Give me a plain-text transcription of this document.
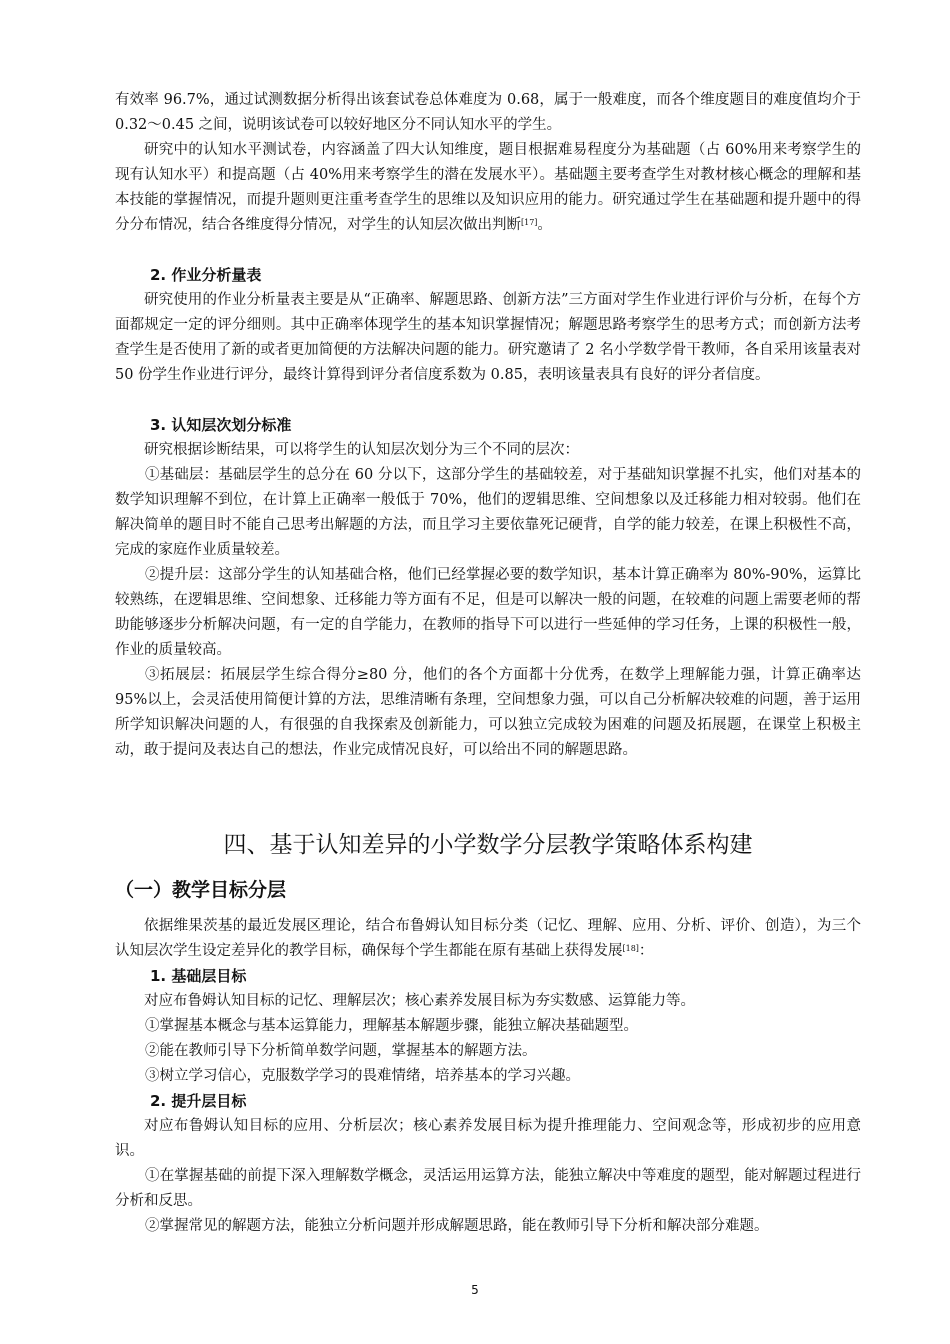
有效率 96.7%，通过试测数据分析得出该套试卷总体难度为 0.68，属于一般难度，而各个维度题目的难度值均介于 0.32～0.45 之间，说明该试卷可以较好地区分不同认知水平的学生。

研究中的认知水平测试卷，内容涵盖了四大认知维度，题目根据难易程度分为基础题（占 60%用来考察学生的现有认知水平）和提高题（占 40%用来考察学生的潜在发展水平）。基础题主要考查学生对教材核心概念的理解和基本技能的掌握情况，而提升题则更注重考查学生的思维以及知识应用的能力。研究通过学生在基础题和提升题中的得分分布情况，结合各维度得分情况，对学生的认知层次做出判断[17]。

2. 作业分析量表

研究使用的作业分析量表主要是从“正确率、解题思路、创新方法”三方面对学生作业进行评价与分析，在每个方面都规定一定的评分细则。其中正确率体现学生的基本知识掌握情况；解题思路考察学生的思考方式；而创新方法考查学生是否使用了新的或者更加简便的方法解决问题的能力。研究邀请了 2 名小学数学骨干教师，各自采用该量表对 50 份学生作业进行评分，最终计算得到评分者信度系数为 0.85，表明该量表具有良好的评分者信度。

3. 认知层次划分标准

研究根据诊断结果，可以将学生的认知层次划分为三个不同的层次：

①基础层：基础层学生的总分在 60 分以下，这部分学生的基础较差，对于基础知识掌握不扎实，他们对基本的数学知识理解不到位，在计算上正确率一般低于 70%，他们的逻辑思维、空间想象以及迁移能力相对较弱。他们在解决简单的题目时不能自己思考出解题的方法，而且学习主要依靠死记硬背，自学的能力较差，在课上积极性不高，完成的家庭作业质量较差。

②提升层：这部分学生的认知基础合格，他们已经掌握必要的数学知识，基本计算正确率为 80%-90%，运算比较熟练，在逻辑思维、空间想象、迁移能力等方面有不足，但是可以解决一般的问题，在较难的问题上需要老师的帮助能够逐步分析解决问题，有一定的自学能力，在教师的指导下可以进行一些延伸的学习任务，上课的积极性一般，作业的质量较高。

③拓展层：拓展层学生综合得分≥80 分，他们的各个方面都十分优秀，在数学上理解能力强，计算正确率达 95%以上，会灵活使用简便计算的方法，思维清晰有条理，空间想象力强，可以自己分析解决较难的问题，善于运用所学知识解决问题的人，有很强的自我探索及创新能力，可以独立完成较为困难的问题及拓展题，在课堂上积极主动，敢于提问及表达自己的想法，作业完成情况良好，可以给出不同的解题思路。

四、基于认知差异的小学数学分层教学策略体系构建
（一）教学目标分层

依据维果茨基的最近发展区理论，结合布鲁姆认知目标分类（记忆、理解、应用、分析、评价、创造），为三个认知层次学生设定差异化的教学目标，确保每个学生都能在原有基础上获得发展[18]：

1. 基础层目标

对应布鲁姆认知目标的记忆、理解层次；核心素养发展目标为夯实数感、运算能力等。

①掌握基本概念与基本运算能力，理解基本解题步骤，能独立解决基础题型。

②能在教师引导下分析简单数学问题，掌握基本的解题方法。

③树立学习信心，克服数学学习的畏难情绪，培养基本的学习兴趣。

2. 提升层目标

对应布鲁姆认知目标的应用、分析层次；核心素养发展目标为提升推理能力、空间观念等，形成初步的应用意识。

①在掌握基础的前提下深入理解数学概念，灵活运用运算方法，能独立解决中等难度的题型，能对解题过程进行分析和反思。

②掌握常见的解题方法，能独立分析问题并形成解题思路，能在教师引导下分析和解决部分难题。

5
